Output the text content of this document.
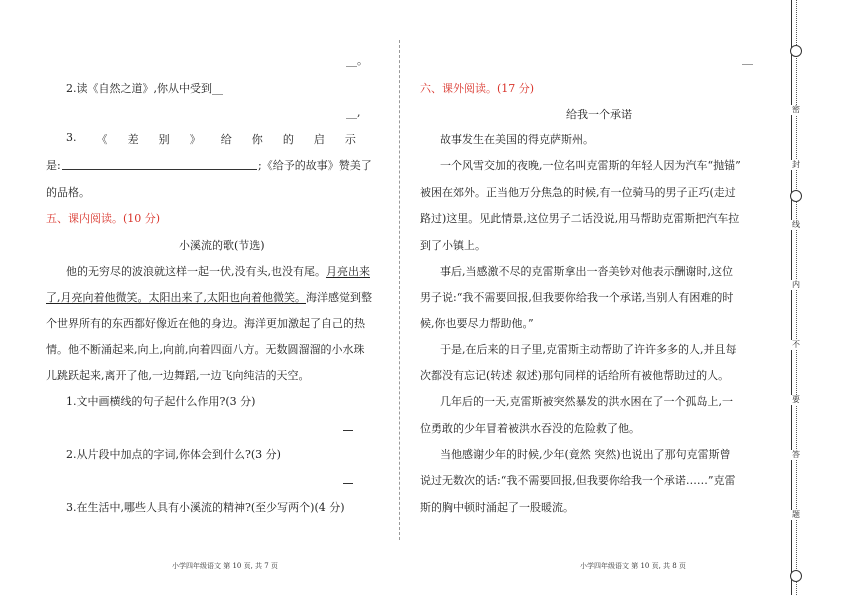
__。
2.读《自然之道》,你从中受到__
__,
3. 《 差 别 》 给 你 的 启 示
是:	;《给予的故事》赞美了
的品格。
五、课内阅读。(10 分)
小溪流的歌(节选)
他的无穷尽的波浪就这样一起一伏,没有头,也没有尾。月亮出来
了,月亮向着他微笑。太阳出来了,太阳也向着他微笑。海洋感觉到整
个世界所有的东西都好像近在他的身边。海洋更加激起了自己的热
情。他不断涌起来,向上,向前,向着四面八方。无数圆溜溜的小水珠
儿跳跃起来,离开了他,一边舞蹈,一边飞向纯洁的天空。
1.文中画横线的句子起什么作用?(3 分)
2.从片段中加点的字词,你体会到什么?(3 分)
3.在生活中,哪些人具有小溪流的精神?(至少写两个)(4 分)
小学四年级语文 第 10 页, 共 7 页
__
六、课外阅读。(17 分)
给我一个承诺
故事发生在美国的得克萨斯州。
一个风雪交加的夜晚,一位名叫克雷斯的年轻人因为汽车“抛锚”
被困在郊外。正当他万分焦急的时候,有一位骑马的男子正巧(走过
路过)这里。见此情景,这位男子二话没说,用马帮助克雷斯把汽车拉
到了小镇上。
事后,当感激不尽的克雷斯拿出一沓美钞对他表示酬谢时,这位
男子说:“我不需要回报,但我要你给我一个承诺,当别人有困难的时
候,你也要尽力帮助他。”
于是,在后来的日子里,克雷斯主动帮助了许许多多的人,并且每
次都没有忘记(转述 叙述)那句同样的话给所有被他帮助过的人。
几年后的一天,克雷斯被突然暴发的洪水困在了一个孤岛上,一
位勇敢的少年冒着被洪水吞没的危险救了他。
当他感谢少年的时候,少年(竟然 突然)也说出了那句克雷斯曾
说过无数次的话:“我不需要回报,但我要你给我一个承诺……”克雷
斯的胸中顿时涌起了一股暖流。
小学四年级语文 第 10 页, 共 8 页
密
封
线
内
不
要
答
题
